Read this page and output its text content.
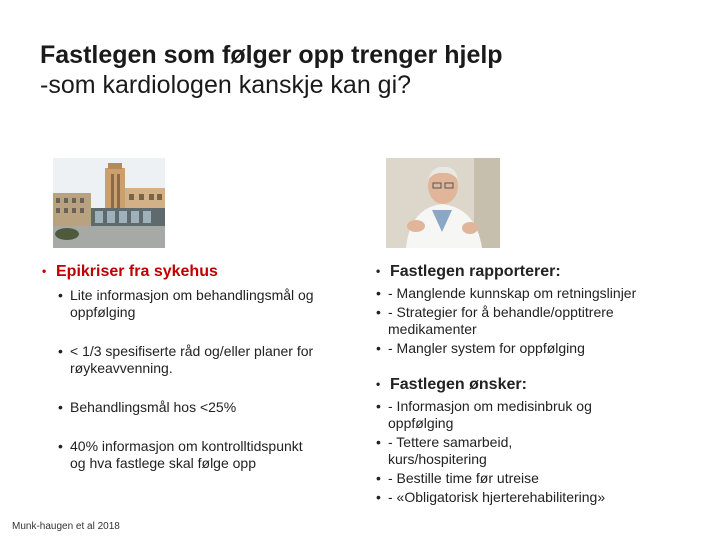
Fastlegen som følger opp trenger hjelp
-som kardiologen kanskje kan gi?
• Epikriser fra sykehus
• Lite informasjon om behandlingsmål og oppfølging
• < 1/3 spesifiserte råd og/eller planer for røykeavvenning.
• Behandlingsmål hos <25%
• 40% informasjon om kontrolltidspunkt og hva fastlege skal følge opp
• Fastlegen rapporterer:
• - Manglende kunnskap om retningslinjer
• - Strategier for å behandle/opptitrere medikamenter
• - Mangler system for oppfølging
• Fastlegen ønsker:
• - Informasjon om medisinbruk og oppfølging
• - Tettere samarbeid, kurs/hospitering
• - Bestille time før utreise
• - «Obligatorisk hjerterehabilitering»
Munk-haugen et al 2018
